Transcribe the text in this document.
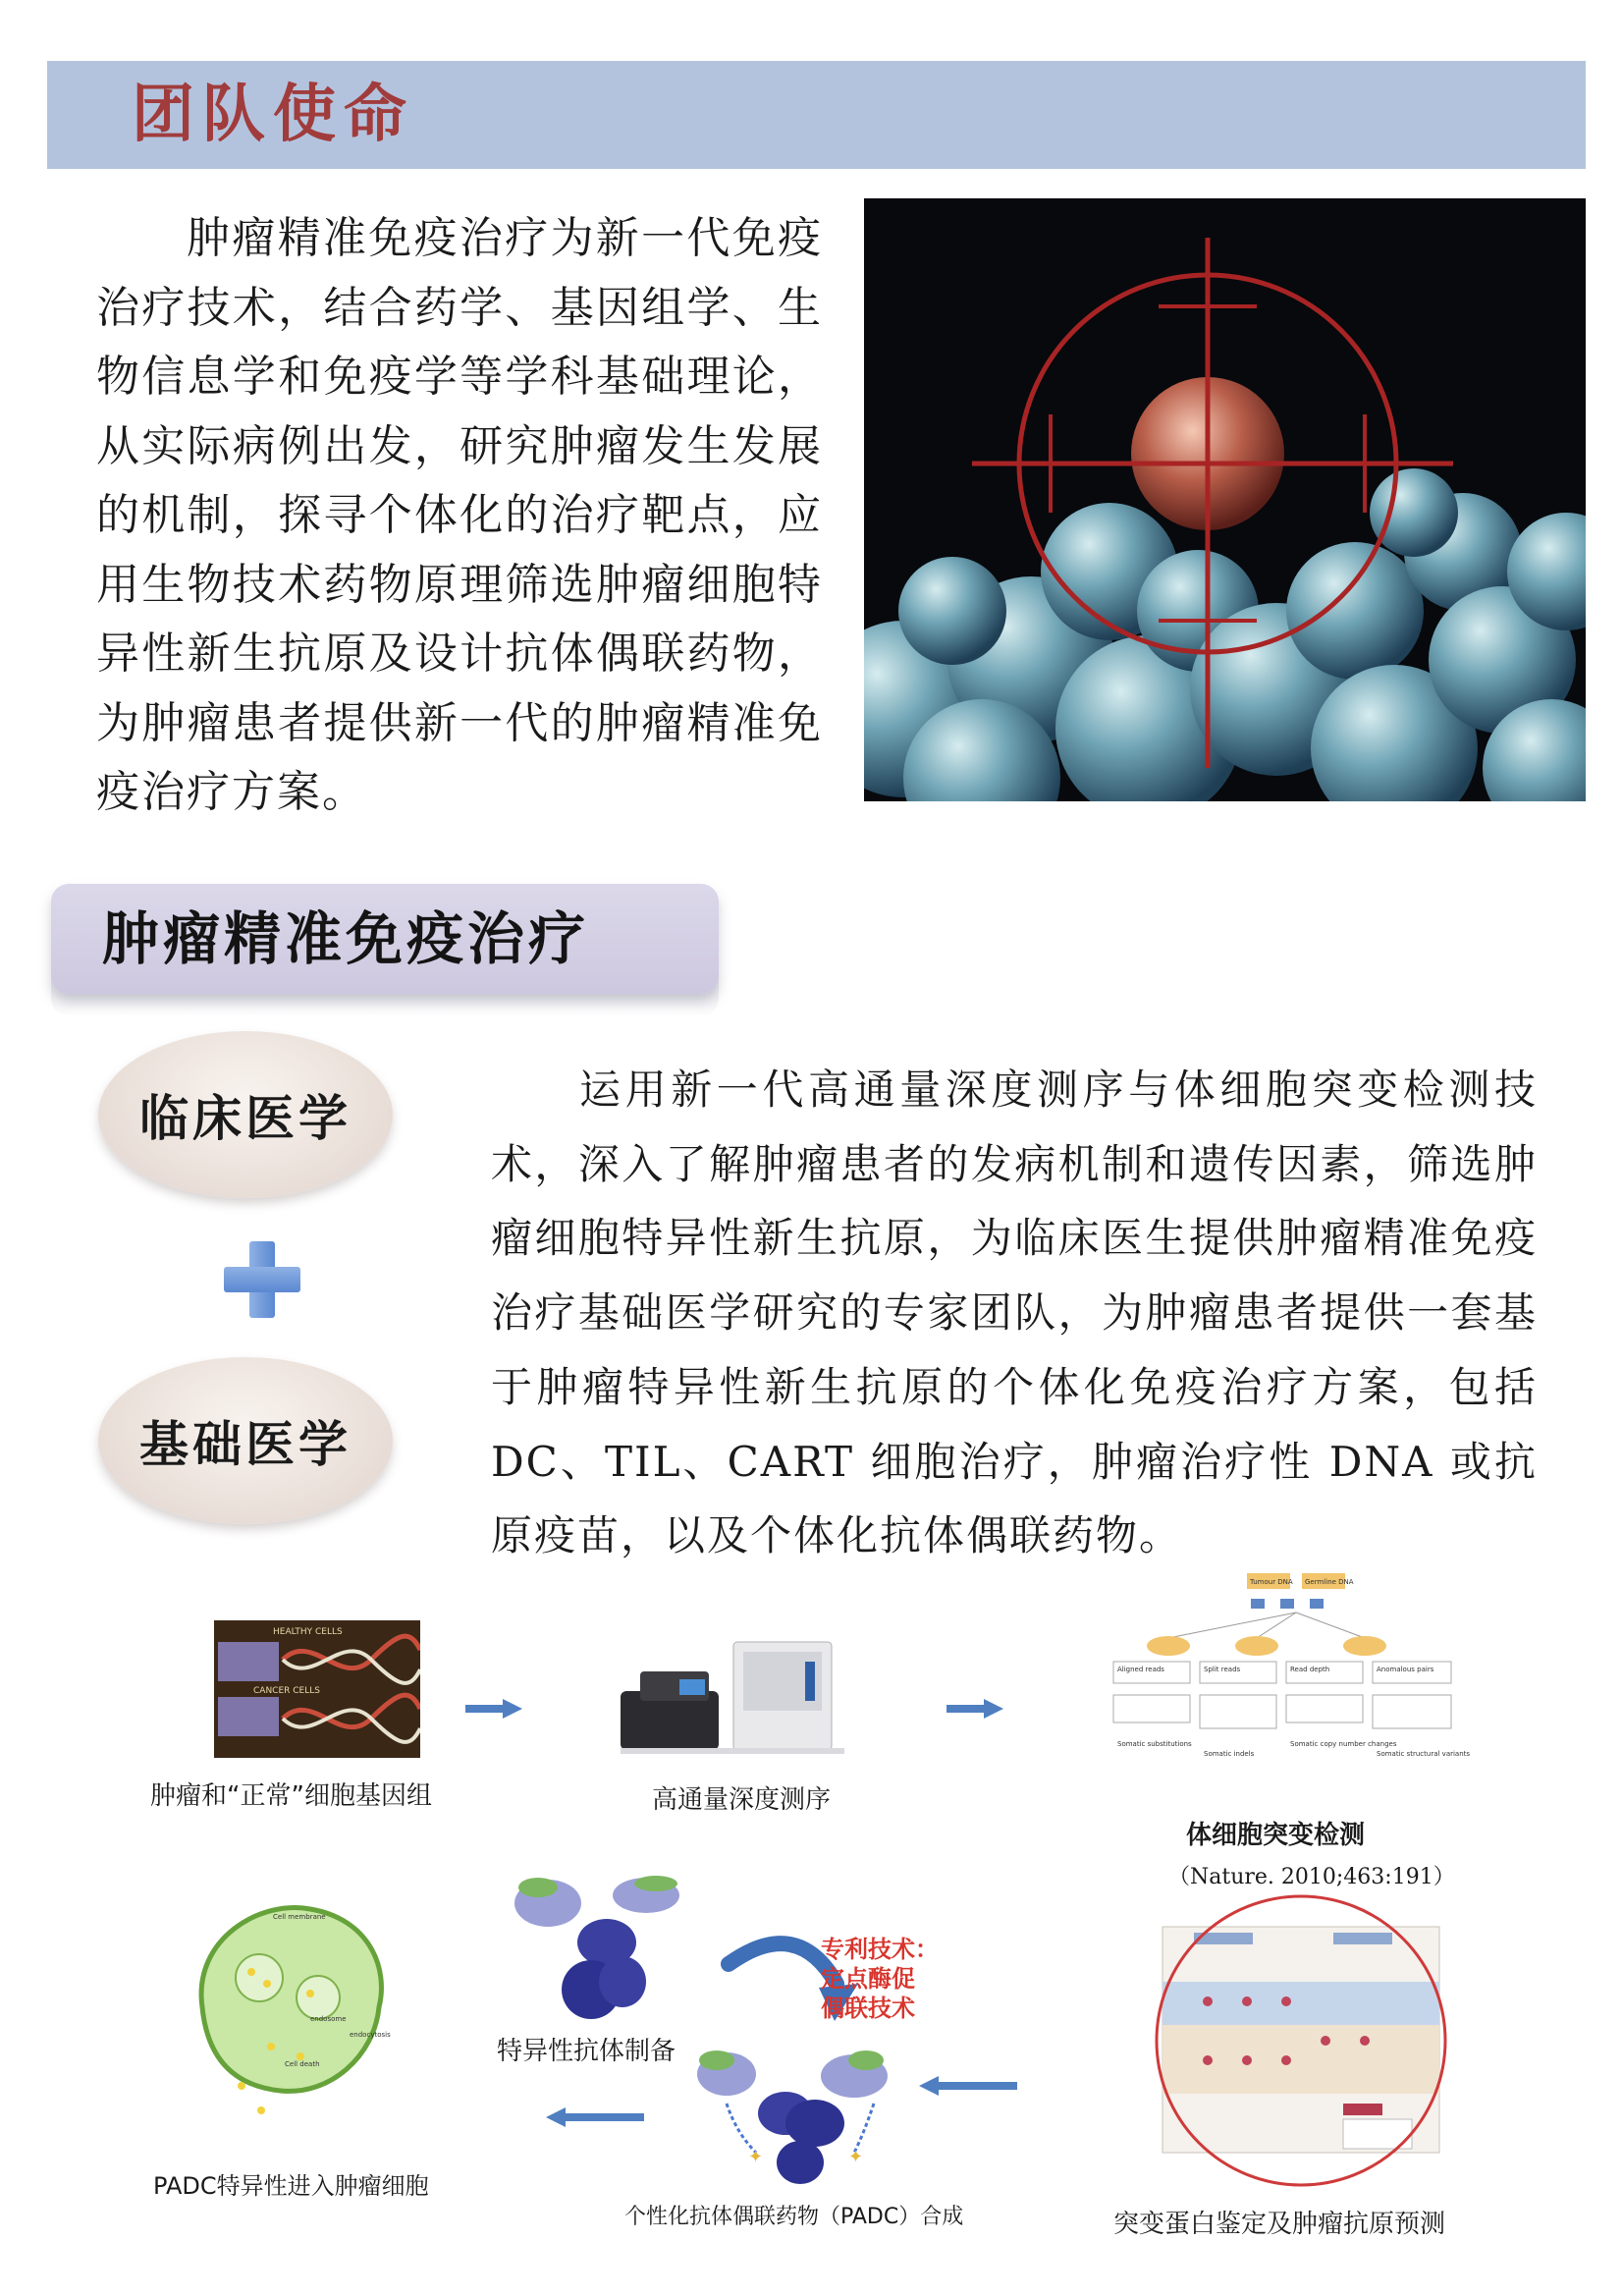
团队使命
肿瘤精准免疫治疗为新一代免疫治疗技术，结合药学、基因组学、生物信息学和免疫学等学科基础理论，从实际病例出发，研究肿瘤发生发展的机制，探寻个体化的治疗靶点，应用生物技术药物原理筛选肿瘤细胞特异性新生抗原及设计抗体偶联药物，为肿瘤患者提供新一代的肿瘤精准免疫治疗方案。
肿瘤精准免疫治疗
临床医学
基础医学
运用新一代高通量深度测序与体细胞突变检测技术，深入了解肿瘤患者的发病机制和遗传因素，筛选肿瘤细胞特异性新生抗原，为临床医生提供肿瘤精准免疫治疗基础医学研究的专家团队，为肿瘤患者提供一套基于肿瘤特异性新生抗原的个体化免疫治疗方案，包括 DC、TIL、CART 细胞治疗，肿瘤治疗性 DNA 或抗原疫苗，以及个体化抗体偶联药物。
HEALTHY CELLS
CANCER CELLS
肿瘤和“正常”细胞基因组	高通量深度测序
Tumour DNA Germline DNA
Aligned reads	Split reads	Read depth	Anomalous pairs
Somatic substitutions
Somatic indels
Somatic copy number changes
Somatic structural variants
体细胞突变检测
（Nature. 2010;463:191）
突变蛋白鉴定及肿瘤抗原预测
✦	✦
个性化抗体偶联药物（PADC）合成
特异性抗体制备
专利技术：
定点酶促
偶联技术
Cell membrane
endosome
Cell death
endocytosis
PADC特异性进入肿瘤细胞
